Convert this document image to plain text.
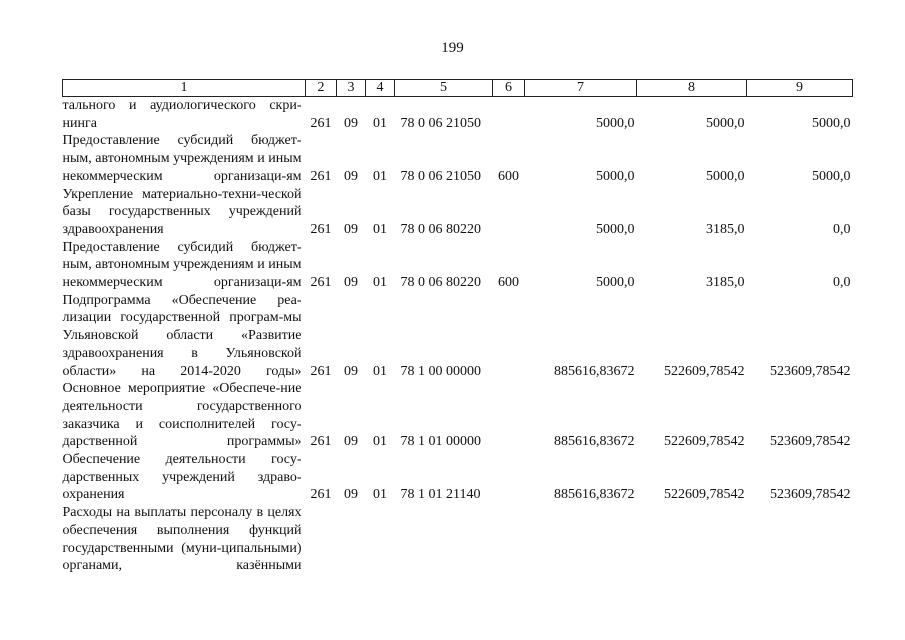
199
1	2	3	4	5	6	7	8	9
тального и аудиологического скри-нинга	261	09	01	78 0 06 21050		5000,0	5000,0	5000,0
Предоставление субсидий бюджет-ным, автономным учреждениям и иным некоммерческим организаци-ям	261	09	01	78 0 06 21050	600	5000,0	5000,0	5000,0
Укрепление материально-техни-ческой базы государственных учреждений здравоохранения	261	09	01	78 0 06 80220		5000,0	3185,0	0,0
Предоставление субсидий бюджет-ным, автономным учреждениям и иным некоммерческим организаци-ям	261	09	01	78 0 06 80220	600	5000,0	3185,0	0,0
Подпрограмма «Обеспечение реа-лизации государственной програм-мы Ульяновской области «Развитие здравоохранения в Ульяновской области» на 2014-2020 годы»	261	09	01	78 1 00 00000		885616,83672	522609,78542	523609,78542
Основное мероприятие «Обеспече-ние деятельности государственного заказчика и соисполнителей госу-дарственной программы»	261	09	01	78 1 01 00000		885616,83672	522609,78542	523609,78542
Обеспечение деятельности госу-дарственных учреждений здраво-охранения	261	09	01	78 1 01 21140		885616,83672	522609,78542	523609,78542
Расходы на выплаты персоналу в целях обеспечения выполнения функций государственными (муни-ципальными) органами, казёнными								
